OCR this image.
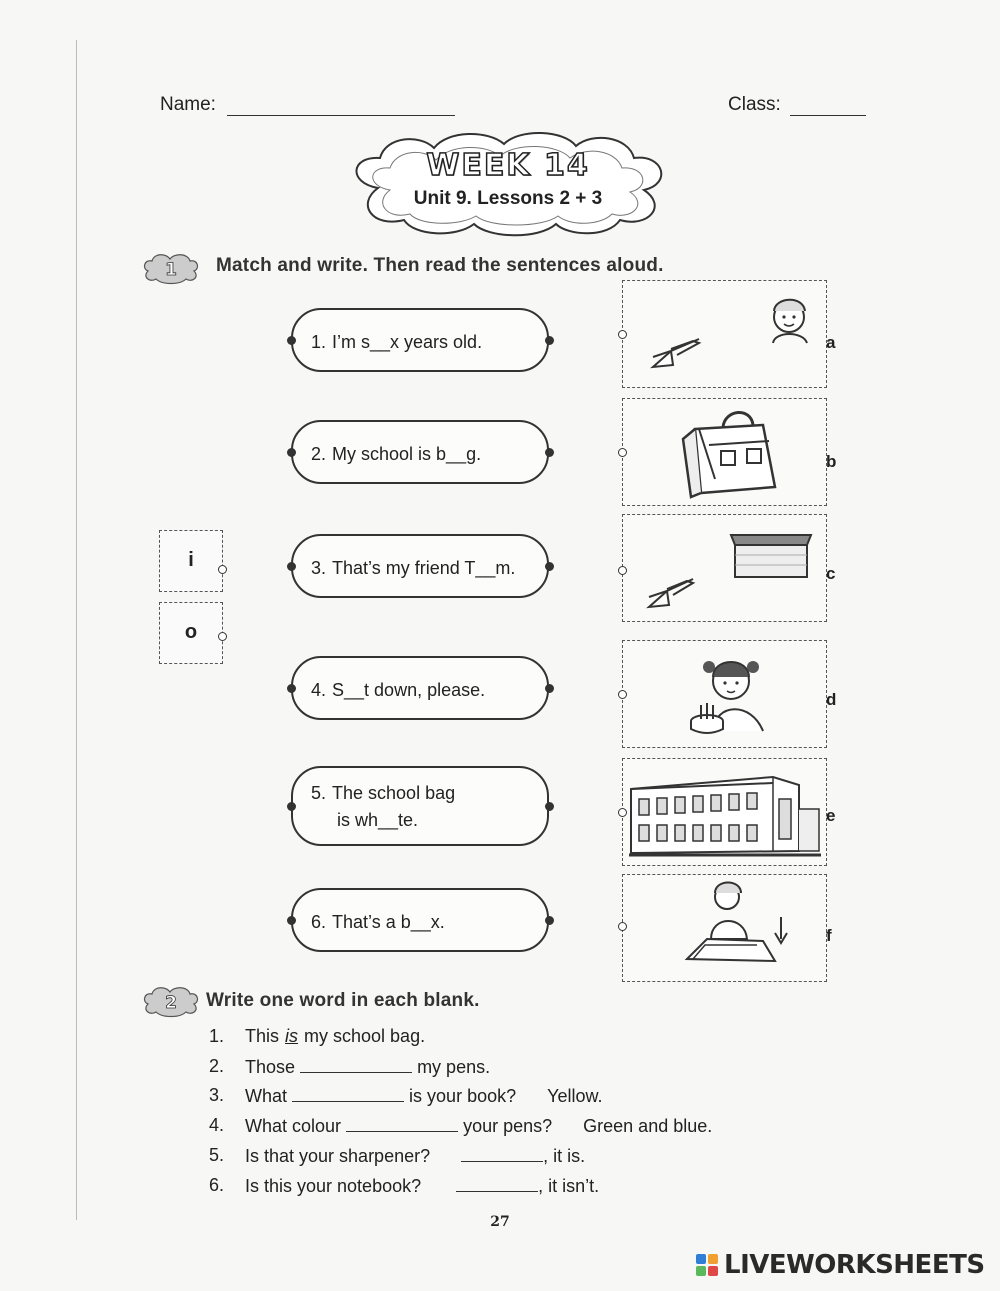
Name:	Class:
WEEK 14
Unit 9. Lessons 2 + 3
1 Match and write. Then read the sentences aloud.
1. I’m s__x years old.
2. My school is b__g.
3. That’s my friend T__m.
4. S__t down, please.
5. The school bag
is wh__te.
6. That’s a b__x.
i
o
a
b
c
d
e
f
2 Write one word in each blank.
1. This is my school bag.
2. Those	my pens.
3. What	is your book? Yellow.
4. What colour	your pens? Green and blue.
5. Is that your sharpener?	, it is.
6. Is this your notebook?	, it isn’t.
27
LIVEWORKSHEETS
